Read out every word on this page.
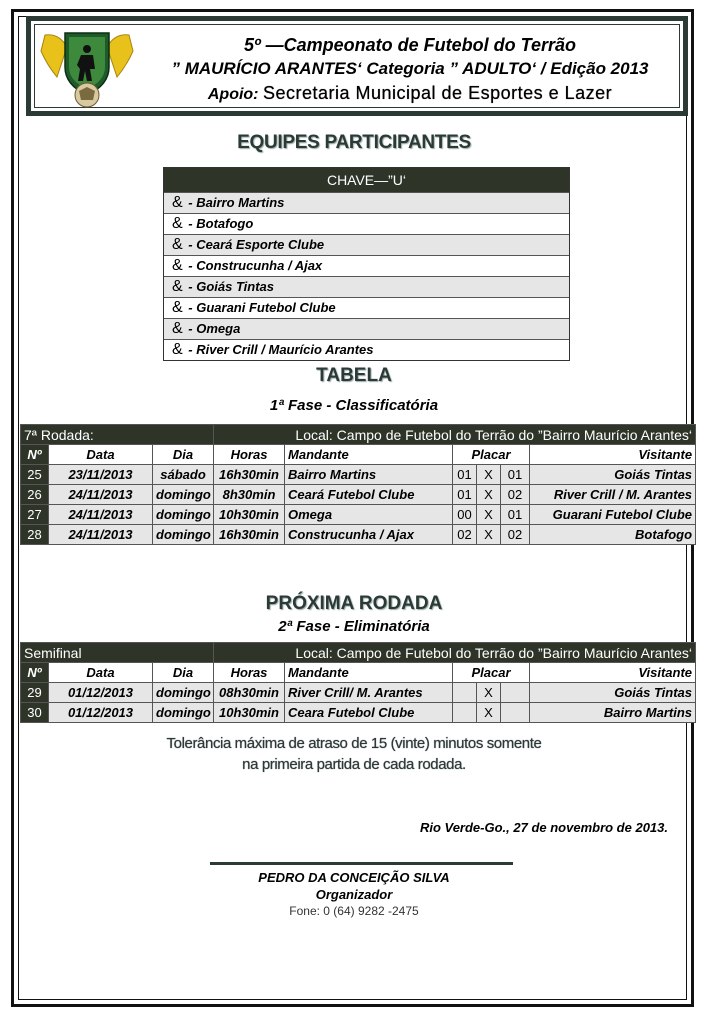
5º —Campeonato de Futebol do Terrão
” MAURÍCIO ARANTES‘ Categoria ” ADULTO‘ / Edição 2013
Apoio: Secretaria Municipal de Esportes e Lazer
EQUIPES PARTICIPANTES
CHAVE—”U‘
& - Bairro Martins
& - Botafogo
& - Ceará Esporte Clube
& - Construcunha / Ajax
& - Goiás Tintas
& - Guarani Futebol Clube
& - Omega
& - River Crill / Maurício Arantes
TABELA
1ª Fase - Classificatória
7ª Rodada:			Local: Campo de Futebol do Terrão do ”Bairro Maurício Arantes‘					
Nº	Data	Dia	Horas	Mandante	Placar			Visitante
25	23/11/2013	sábado	16h30min	Bairro Martins	01	X	01	Goiás Tintas
26	24/11/2013	domingo	8h30min	Ceará Futebol Clube	01	X	02	River Crill / M. Arantes
27	24/11/2013	domingo	10h30min	Omega	00	X	01	Guarani Futebol Clube
28	24/11/2013	domingo	16h30min	Construcunha / Ajax	02	X	02	Botafogo
PRÓXIMA RODADA
2ª Fase - Eliminatória
Semifinal			Local: Campo de Futebol do Terrão do ”Bairro Maurício Arantes‘					
Nº	Data	Dia	Horas	Mandante	Placar			Visitante
29	01/12/2013	domingo	08h30min	River Crill/ M. Arantes		X		Goiás Tintas
30	01/12/2013	domingo	10h30min	Ceara Futebol Clube		X		Bairro Martins
Tolerância máxima de atraso de 15 (vinte) minutos somente
na primeira partida de cada rodada.
Rio Verde-Go., 27 de novembro de 2013.
PEDRO DA CONCEIÇÃO SILVA
Organizador
Fone: 0 (64) 9282 -2475
